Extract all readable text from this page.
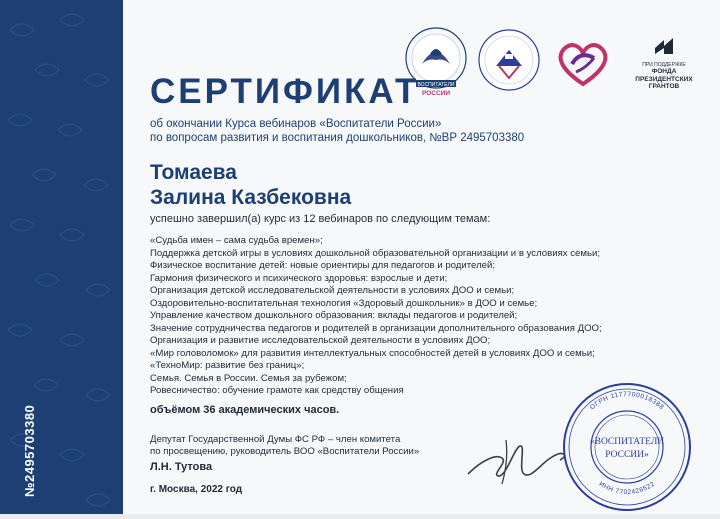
№2495703380
ВОСПИТАТЕЛИ
РОССИИ
ПРИ ПОДДЕРЖКЕ
ФОНДА
ПРЕЗИДЕНТСКИХ
ГРАНТОВ
СЕРТИФИКАТ
об окончании Курса вебинаров «Воспитатели России»
по вопросам развития и воспитания дошкольников, №ВР 2495703380
Томаева
Залина Казбековна
успешно завершил(а) курс из 12 вебинаров по следующим темам:
«Судьба имен – сама судьба времен»;
Поддержка детской игры в условиях дошкольной образовательной организации и в условиях семьи;
Физическое воспитание детей: новые ориентиры для педагогов и родителей;
Гармония физического и психического здоровья: взрослые и дети;
Организация детской исследовательской деятельности в условиях ДОО и семьи;
Оздоровительно-воспитательная технология «Здоровый дошкольник» в ДОО и семье;
Управление качеством дошкольного образования: вклады педагогов и родителей;
Значение сотрудничества педагогов и родителей в организации дополнительного образования ДОО;
Организация и развитие исследовательской деятельности в условиях ДОО;
«Мир головоломок» для развития интеллектуальных способностей детей в условиях ДОО и семьи;
«ТехноМир: развитие без границ»;
Семья. Семья в России. Семья за рубежом;
Ровесничество: обучение грамоте как средству общения
объёмом 36 академических часов.
Депутат Государственной Думы ФС РФ – член комитета
по просвещению, руководитель ВОО «Воспитатели России»
Л.Н. Тутова
г. Москва, 2022 год
ОГРН 1177700018388
ИНН 7702426522
«ВОСПИТАТЕЛИ
РОССИИ»
